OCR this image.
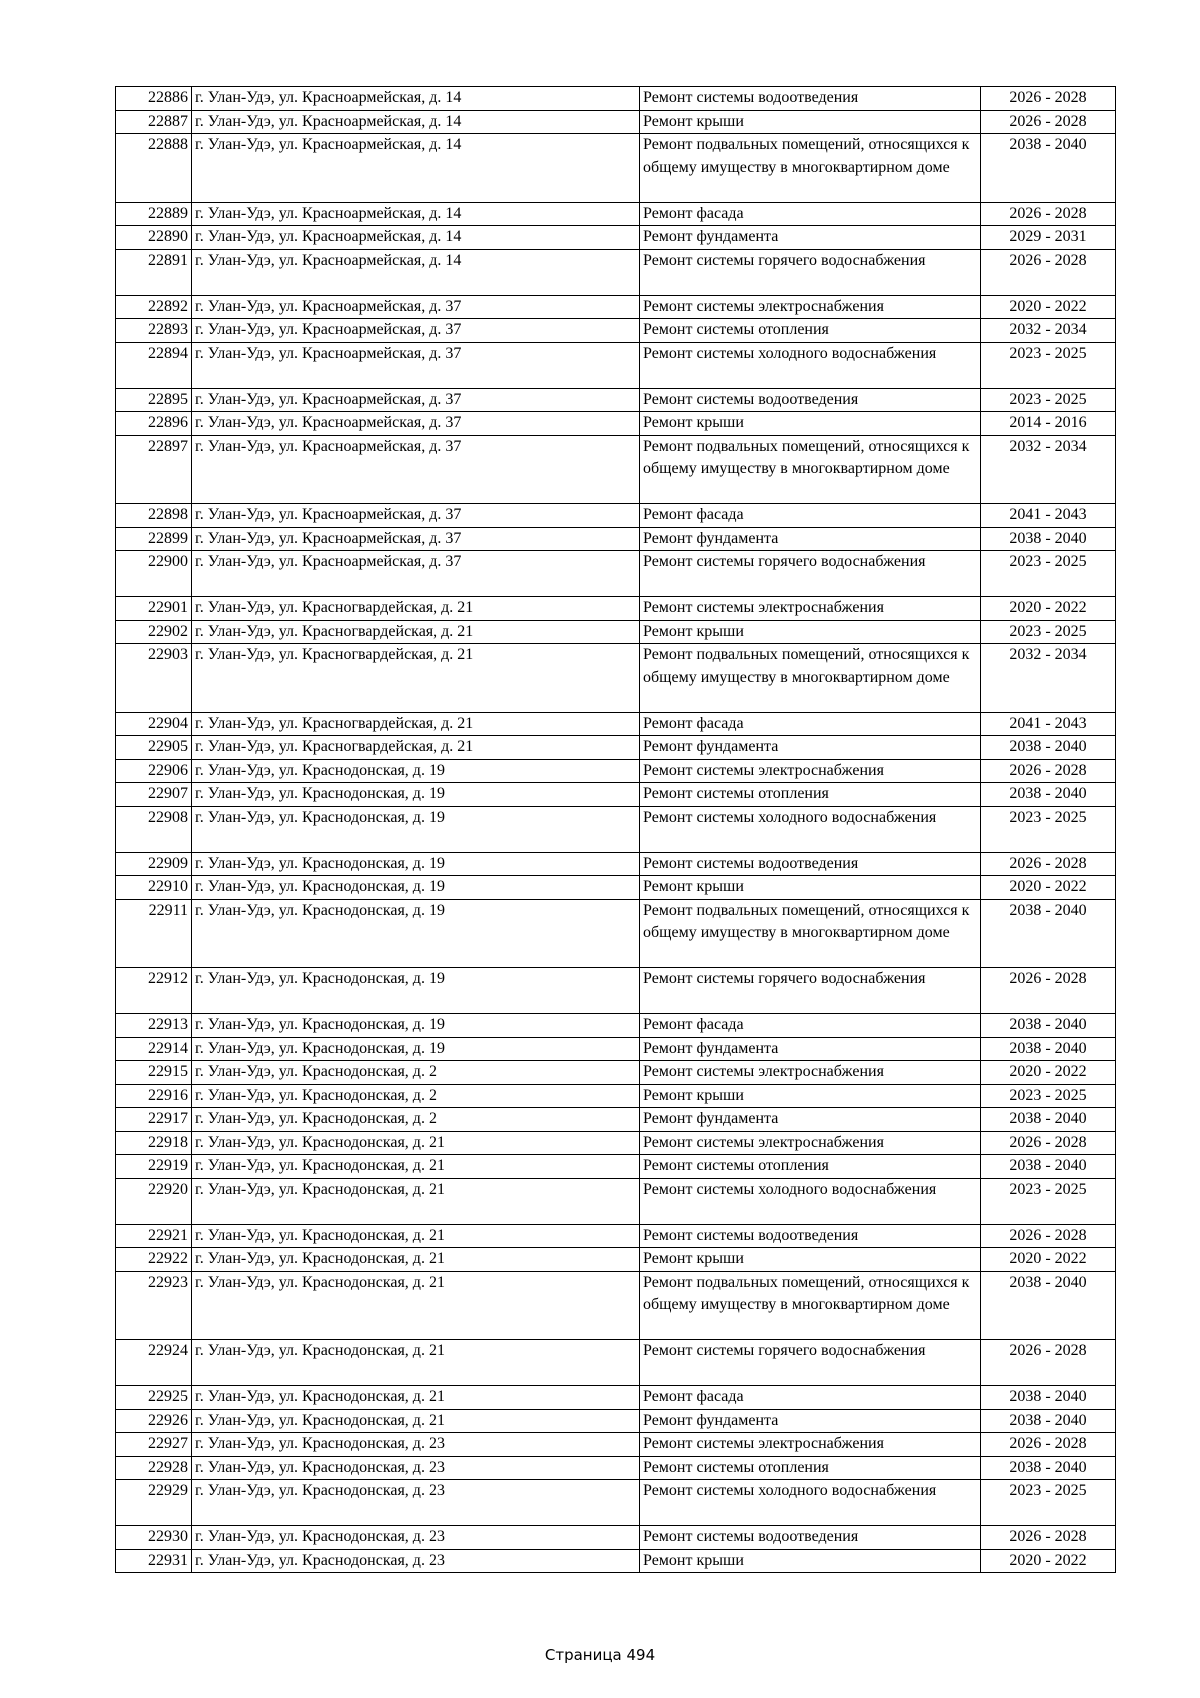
22886	г. Улан-Удэ, ул. Красноармейская, д. 14	Ремонт системы водоотведения	2026 - 2028
22887	г. Улан-Удэ, ул. Красноармейская, д. 14	Ремонт крыши	2026 - 2028
22888	г. Улан-Удэ, ул. Красноармейская, д. 14	Ремонт подвальных помещений, относящихся к общему имуществу в многоквартирном доме	2038 - 2040
22889	г. Улан-Удэ, ул. Красноармейская, д. 14	Ремонт фасада	2026 - 2028
22890	г. Улан-Удэ, ул. Красноармейская, д. 14	Ремонт фундамента	2029 - 2031
22891	г. Улан-Удэ, ул. Красноармейская, д. 14	Ремонт системы горячего водоснабжения	2026 - 2028
22892	г. Улан-Удэ, ул. Красноармейская, д. 37	Ремонт системы электроснабжения	2020 - 2022
22893	г. Улан-Удэ, ул. Красноармейская, д. 37	Ремонт системы отопления	2032 - 2034
22894	г. Улан-Удэ, ул. Красноармейская, д. 37	Ремонт системы холодного водоснабжения	2023 - 2025
22895	г. Улан-Удэ, ул. Красноармейская, д. 37	Ремонт системы водоотведения	2023 - 2025
22896	г. Улан-Удэ, ул. Красноармейская, д. 37	Ремонт крыши	2014 - 2016
22897	г. Улан-Удэ, ул. Красноармейская, д. 37	Ремонт подвальных помещений, относящихся к общему имуществу в многоквартирном доме	2032 - 2034
22898	г. Улан-Удэ, ул. Красноармейская, д. 37	Ремонт фасада	2041 - 2043
22899	г. Улан-Удэ, ул. Красноармейская, д. 37	Ремонт фундамента	2038 - 2040
22900	г. Улан-Удэ, ул. Красноармейская, д. 37	Ремонт системы горячего водоснабжения	2023 - 2025
22901	г. Улан-Удэ, ул. Красногвардейская, д. 21	Ремонт системы электроснабжения	2020 - 2022
22902	г. Улан-Удэ, ул. Красногвардейская, д. 21	Ремонт крыши	2023 - 2025
22903	г. Улан-Удэ, ул. Красногвардейская, д. 21	Ремонт подвальных помещений, относящихся к общему имуществу в многоквартирном доме	2032 - 2034
22904	г. Улан-Удэ, ул. Красногвардейская, д. 21	Ремонт фасада	2041 - 2043
22905	г. Улан-Удэ, ул. Красногвардейская, д. 21	Ремонт фундамента	2038 - 2040
22906	г. Улан-Удэ, ул. Краснодонская, д. 19	Ремонт системы электроснабжения	2026 - 2028
22907	г. Улан-Удэ, ул. Краснодонская, д. 19	Ремонт системы отопления	2038 - 2040
22908	г. Улан-Удэ, ул. Краснодонская, д. 19	Ремонт системы холодного водоснабжения	2023 - 2025
22909	г. Улан-Удэ, ул. Краснодонская, д. 19	Ремонт системы водоотведения	2026 - 2028
22910	г. Улан-Удэ, ул. Краснодонская, д. 19	Ремонт крыши	2020 - 2022
22911	г. Улан-Удэ, ул. Краснодонская, д. 19	Ремонт подвальных помещений, относящихся к общему имуществу в многоквартирном доме	2038 - 2040
22912	г. Улан-Удэ, ул. Краснодонская, д. 19	Ремонт системы горячего водоснабжения	2026 - 2028
22913	г. Улан-Удэ, ул. Краснодонская, д. 19	Ремонт фасада	2038 - 2040
22914	г. Улан-Удэ, ул. Краснодонская, д. 19	Ремонт фундамента	2038 - 2040
22915	г. Улан-Удэ, ул. Краснодонская, д. 2	Ремонт системы электроснабжения	2020 - 2022
22916	г. Улан-Удэ, ул. Краснодонская, д. 2	Ремонт крыши	2023 - 2025
22917	г. Улан-Удэ, ул. Краснодонская, д. 2	Ремонт фундамента	2038 - 2040
22918	г. Улан-Удэ, ул. Краснодонская, д. 21	Ремонт системы электроснабжения	2026 - 2028
22919	г. Улан-Удэ, ул. Краснодонская, д. 21	Ремонт системы отопления	2038 - 2040
22920	г. Улан-Удэ, ул. Краснодонская, д. 21	Ремонт системы холодного водоснабжения	2023 - 2025
22921	г. Улан-Удэ, ул. Краснодонская, д. 21	Ремонт системы водоотведения	2026 - 2028
22922	г. Улан-Удэ, ул. Краснодонская, д. 21	Ремонт крыши	2020 - 2022
22923	г. Улан-Удэ, ул. Краснодонская, д. 21	Ремонт подвальных помещений, относящихся к общему имуществу в многоквартирном доме	2038 - 2040
22924	г. Улан-Удэ, ул. Краснодонская, д. 21	Ремонт системы горячего водоснабжения	2026 - 2028
22925	г. Улан-Удэ, ул. Краснодонская, д. 21	Ремонт фасада	2038 - 2040
22926	г. Улан-Удэ, ул. Краснодонская, д. 21	Ремонт фундамента	2038 - 2040
22927	г. Улан-Удэ, ул. Краснодонская, д. 23	Ремонт системы электроснабжения	2026 - 2028
22928	г. Улан-Удэ, ул. Краснодонская, д. 23	Ремонт системы отопления	2038 - 2040
22929	г. Улан-Удэ, ул. Краснодонская, д. 23	Ремонт системы холодного водоснабжения	2023 - 2025
22930	г. Улан-Удэ, ул. Краснодонская, д. 23	Ремонт системы водоотведения	2026 - 2028
22931	г. Улан-Удэ, ул. Краснодонская, д. 23	Ремонт крыши	2020 - 2022
Страница 494
